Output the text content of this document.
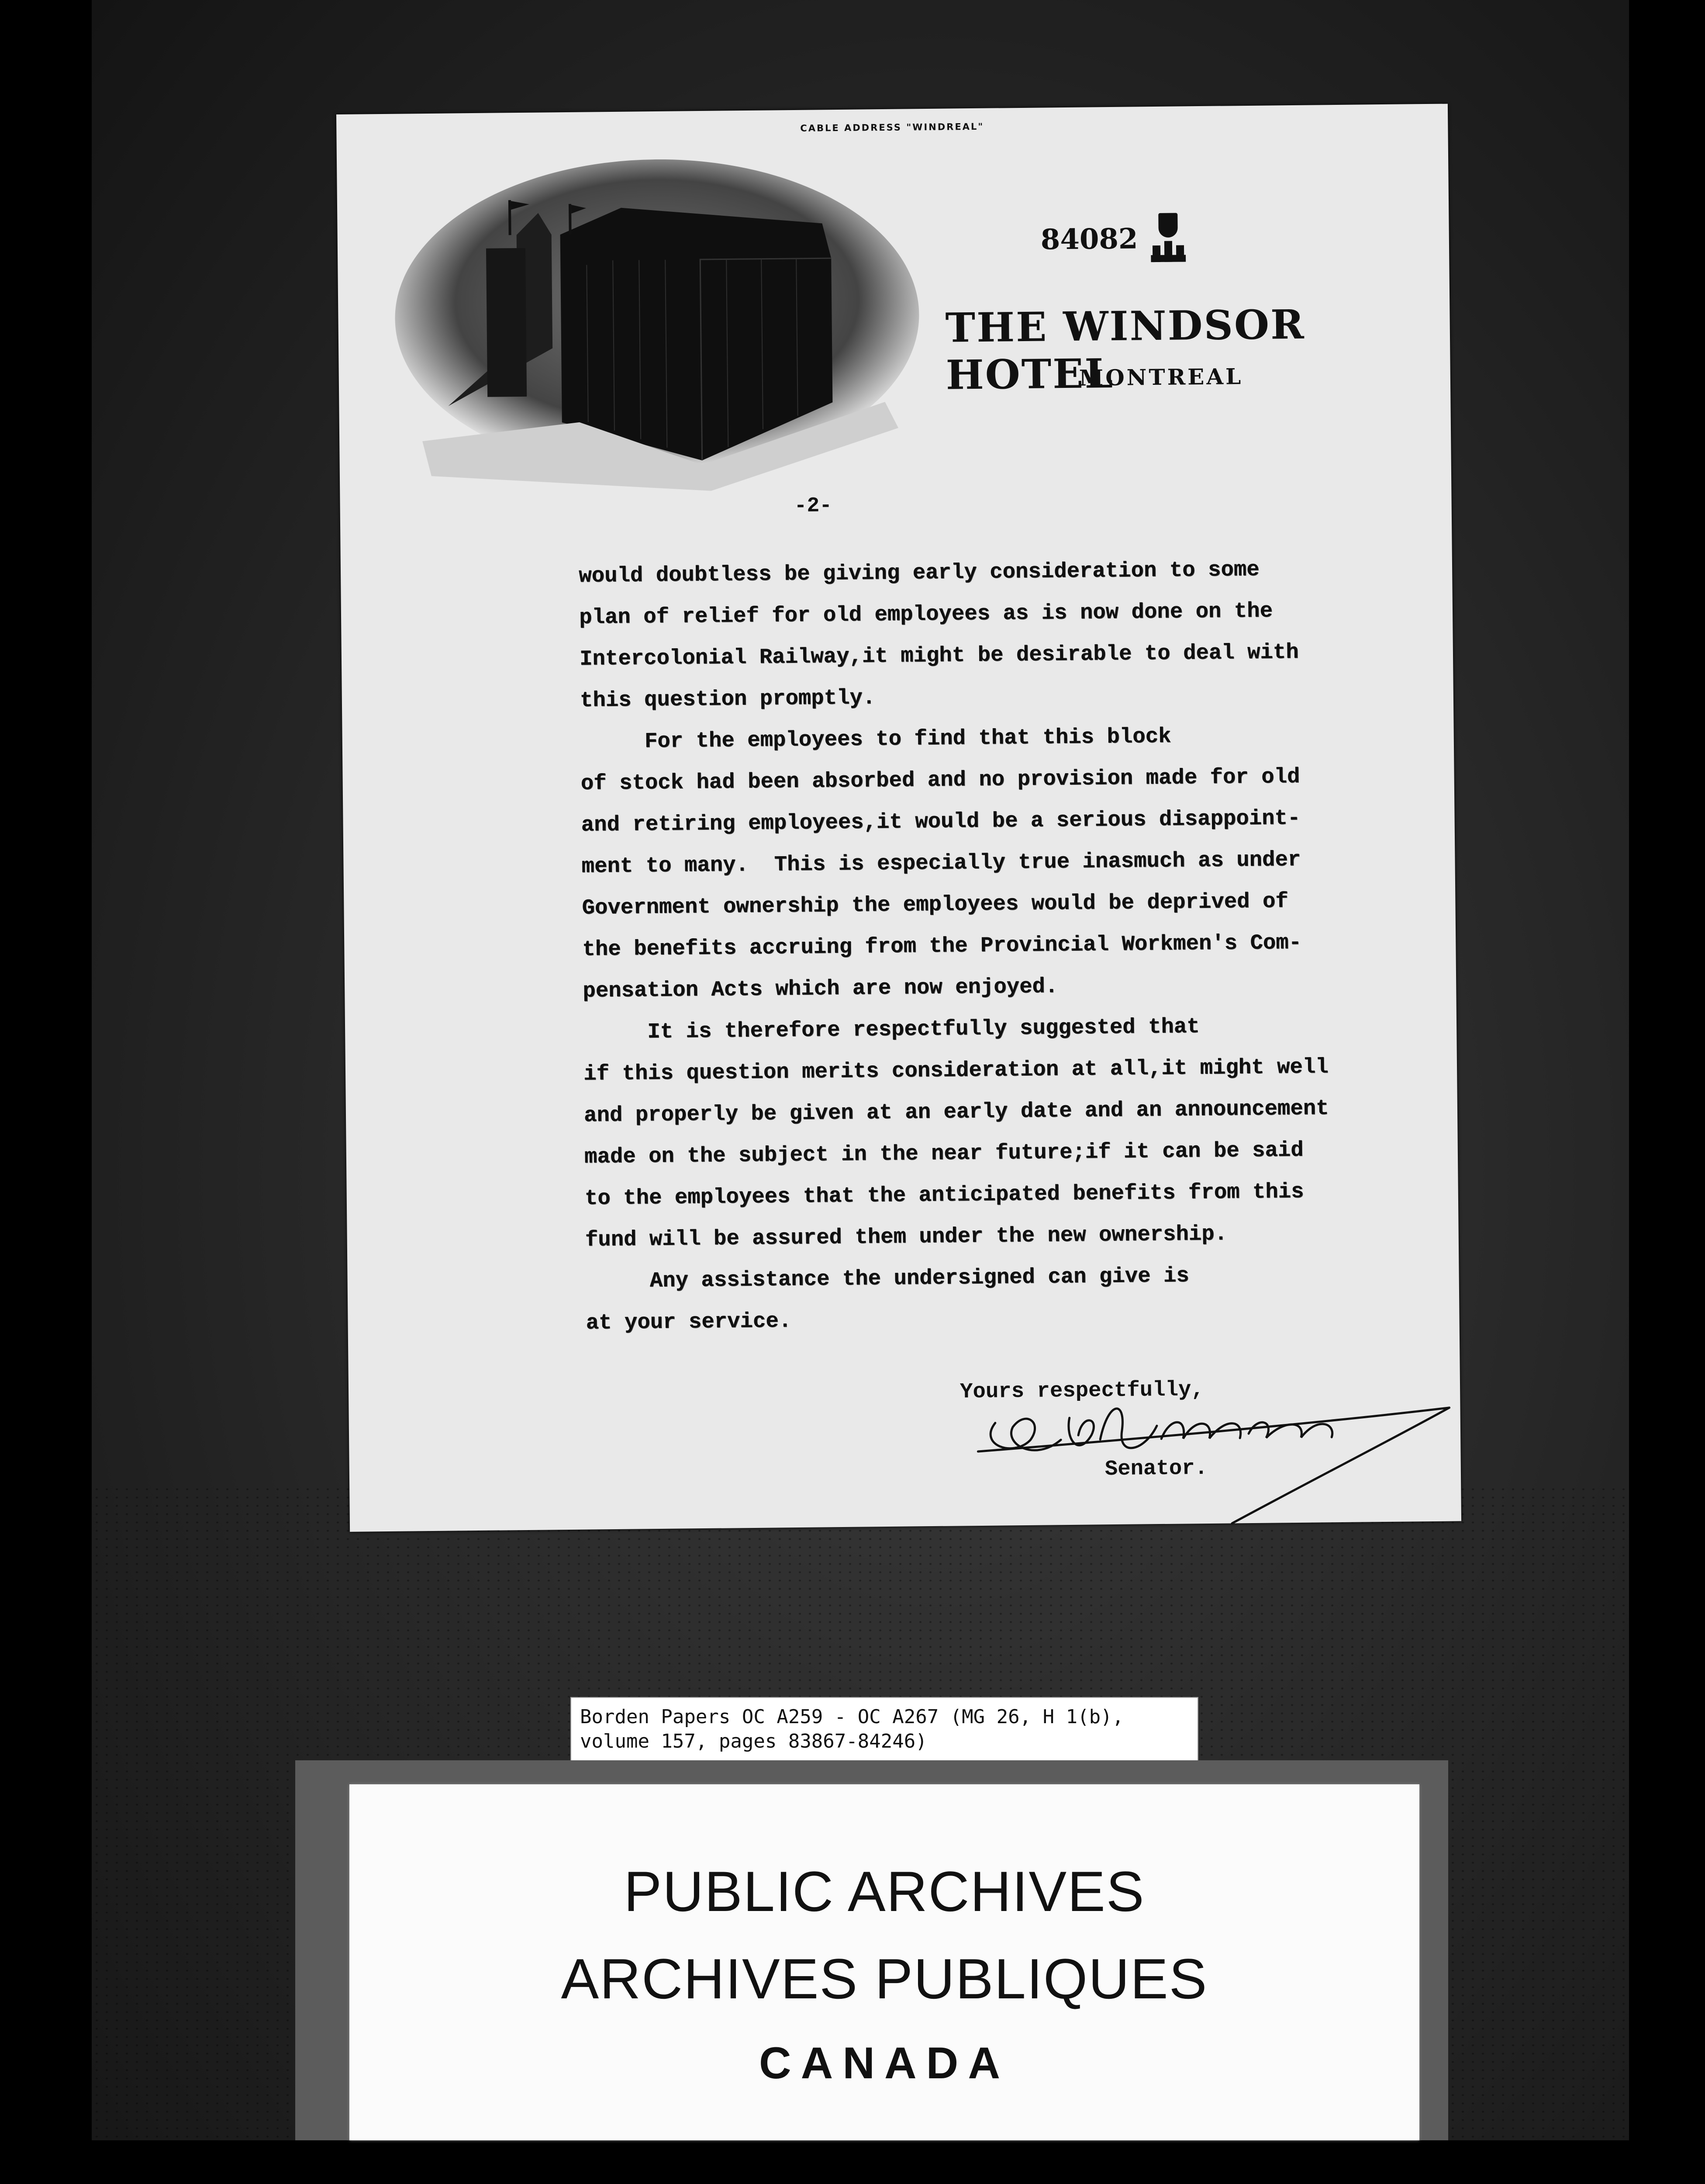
CABLE ADDRESS "WINDREAL"
84082
THE WINDSOR HOTEL
MONTREAL
-2-

would doubtless be giving early consideration to some

plan of relief for old employees as is now done on the

Intercolonial Railway,it might be desirable to deal with

this question promptly.

For the employees to find that this block

of stock had been absorbed and no provision made for old

and retiring employees,it would be a serious disappoint-

ment to many.  This is especially true inasmuch as under

Government ownership the employees would be deprived of

the benefits accruing from the Provincial Workmen's Com-

pensation Acts which are now enjoyed.

It is therefore respectfully suggested that

if this question merits consideration at all,it might well

and properly be given at an early date and an announcement

made on the subject in the near future;if it can be said

to the employees that the anticipated benefits from this

fund will be assured them under the new ownership.

Any assistance the undersigned can give is

at your service.

Yours respectfully,
Senator.
Borden Papers OC A259 - OC A267 (MG 26, H 1(b),
volume 157, pages 83867-84246)
PUBLIC ARCHIVES
ARCHIVES PUBLIQUES
CANADA
